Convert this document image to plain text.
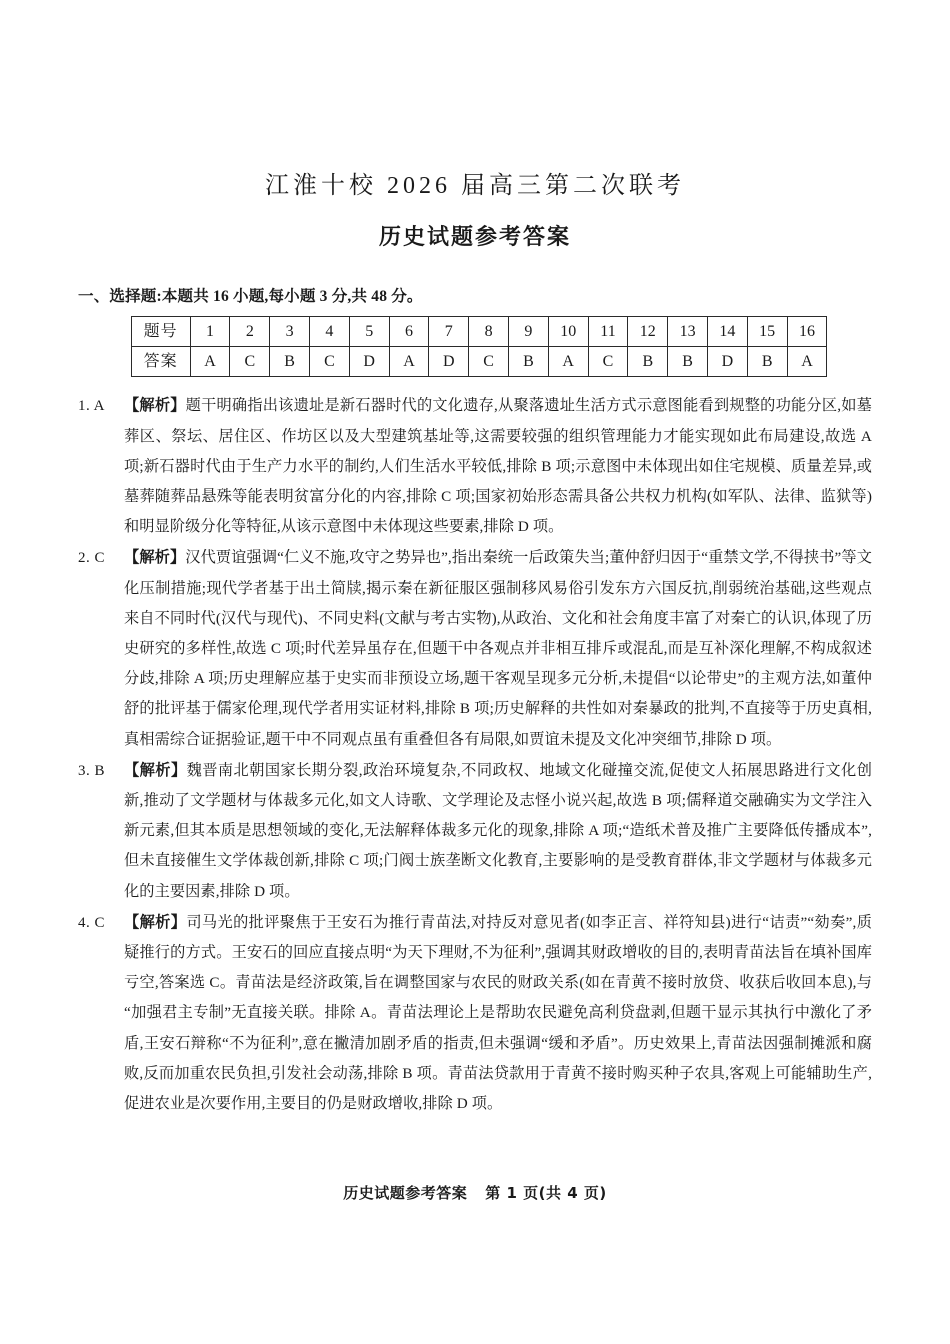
江淮十校 2026 届高三第二次联考
历史试题参考答案

一、选择题:本题共 16 小题,每小题 3 分,共 48 分。

题号	1	2	3	4	5	6	7	8	9	10	11	12	13	14	15	16
答案	A	C	B	C	D	A	D	C	B	A	C	B	B	D	B	A
1. A	【解析】题干明确指出该遗址是新石器时代的文化遗存,从聚落遗址生活方式示意图能看到规整的功能分区,如墓葬区、祭坛、居住区、作坊区以及大型建筑基址等,这需要较强的组织管理能力才能实现如此布局建设,故选 A 项;新石器时代由于生产力水平的制约,人们生活水平较低,排除 B 项;示意图中未体现出如住宅规模、质量差异,或墓葬随葬品悬殊等能表明贫富分化的内容,排除 C 项;国家初始形态需具备公共权力机构(如军队、法律、监狱等)和明显阶级分化等特征,从该示意图中未体现这些要素,排除 D 项。
2. C	【解析】汉代贾谊强调“仁义不施,攻守之势异也”,指出秦统一后政策失当;董仲舒归因于“重禁文学,不得挟书”等文化压制措施;现代学者基于出土简牍,揭示秦在新征服区强制移风易俗引发东方六国反抗,削弱统治基础,这些观点来自不同时代(汉代与现代)、不同史料(文献与考古实物),从政治、文化和社会角度丰富了对秦亡的认识,体现了历史研究的多样性,故选 C 项;时代差异虽存在,但题干中各观点并非相互排斥或混乱,而是互补深化理解,不构成叙述分歧,排除 A 项;历史理解应基于史实而非预设立场,题干客观呈现多元分析,未提倡“以论带史”的主观方法,如董仲舒的批评基于儒家伦理,现代学者用实证材料,排除 B 项;历史解释的共性如对秦暴政的批判,不直接等于历史真相,真相需综合证据验证,题干中不同观点虽有重叠但各有局限,如贾谊未提及文化冲突细节,排除 D 项。
3. B	【解析】魏晋南北朝国家长期分裂,政治环境复杂,不同政权、地域文化碰撞交流,促使文人拓展思路进行文化创新,推动了文学题材与体裁多元化,如文人诗歌、文学理论及志怪小说兴起,故选 B 项;儒释道交融确实为文学注入新元素,但其本质是思想领域的变化,无法解释体裁多元化的现象,排除 A 项;“造纸术普及推广主要降低传播成本”,但未直接催生文学体裁创新,排除 C 项;门阀士族垄断文化教育,主要影响的是受教育群体,非文学题材与体裁多元化的主要因素,排除 D 项。
4. C	【解析】司马光的批评聚焦于王安石为推行青苗法,对持反对意见者(如李正言、祥符知县)进行“诘责”“劾奏”,质疑推行的方式。王安石的回应直接点明“为天下理财,不为征利”,强调其财政增收的目的,表明青苗法旨在填补国库亏空,答案选 C。青苗法是经济政策,旨在调整国家与农民的财政关系(如在青黄不接时放贷、收获后收回本息),与“加强君主专制”无直接关联。排除 A。青苗法理论上是帮助农民避免高利贷盘剥,但题干显示其执行中激化了矛盾,王安石辩称“不为征利”,意在撇清加剧矛盾的指责,但未强调“缓和矛盾”。历史效果上,青苗法因强制摊派和腐败,反而加重农民负担,引发社会动荡,排除 B 项。青苗法贷款用于青黄不接时购买种子农具,客观上可能辅助生产,促进农业是次要作用,主要目的仍是财政增收,排除 D 项。
历史试题参考答案 第 1 页(共 4 页)
